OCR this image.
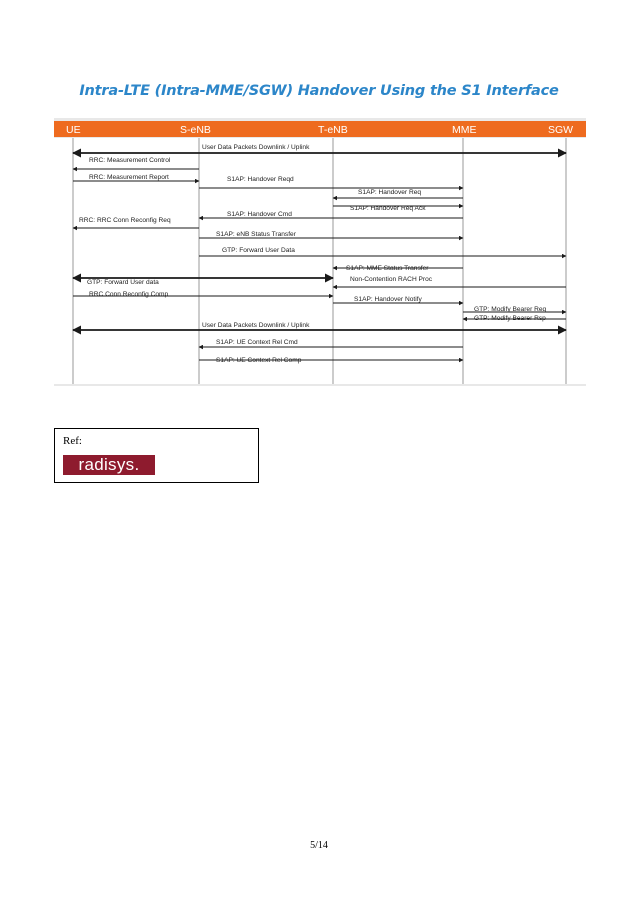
Intra-LTE (Intra-MME/SGW) Handover Using the S1 Interface
UE	S-eNB	T-eNB	MME	SGW
User Data Packets Downlink / Uplink
RRC: Measurement Control
RRC: Measurement Report	S1AP: Handover Reqd
S1AP: Handover Req
S1AP: Handover Req Ack
S1AP: Handover Cmd
RRC: RRC Conn Reconfig Req
S1AP: eNB Status Transfer
GTP: Forward User Data
S1AP: MME Status Transfer
Non-Contention RACH Proc
GTP: Forward User data
RRC Conn Reconfig Comp
S1AP: Handover Notify
GTP: Modify Bearer Req
GTP: Modify Bearer Rsp
User Data Packets Downlink / Uplink
S1AP: UE Context Rel Cmd
S1AP: UE Context Rel Comp
Ref:
radisys.
5/14
